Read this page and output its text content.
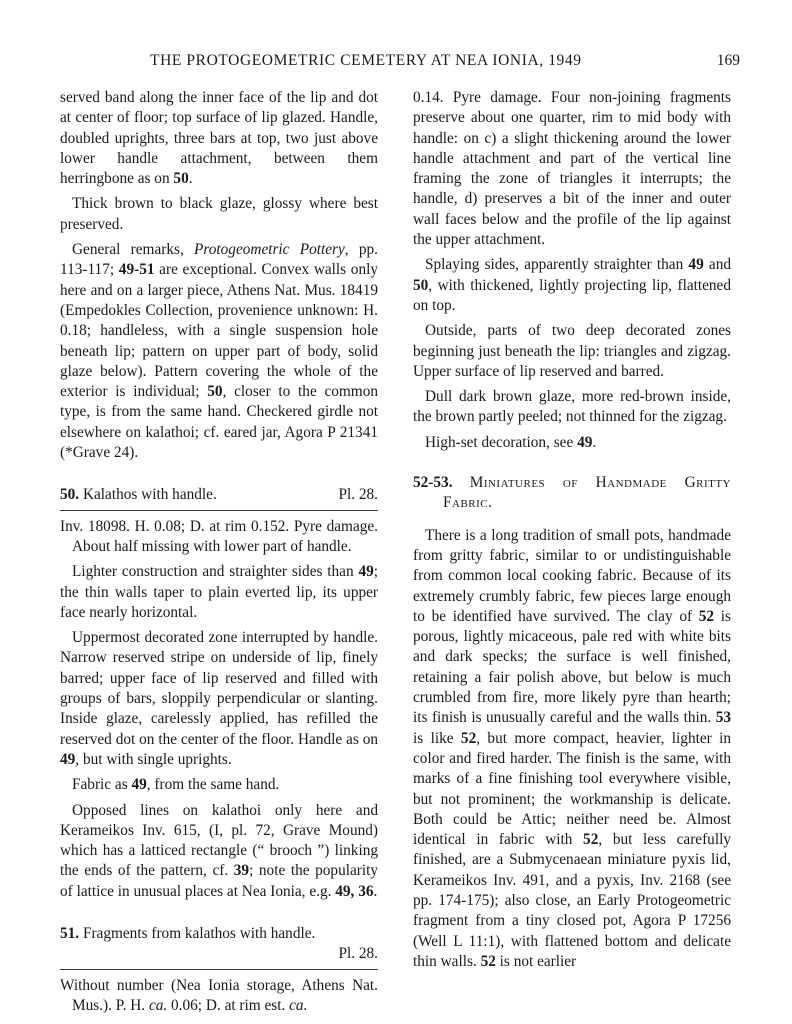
THE PROTOGEOMETRIC CEMETERY AT NEA IONIA, 1949	169

served band along the inner face of the lip and dot at center of floor; top surface of lip glazed. Handle, doubled uprights, three bars at top, two just above lower handle attachment, between them herringbone as on 50.

Thick brown to black glaze, glossy where best preserved.

General remarks, Protogeometric Pottery, pp. 113-117; 49-51 are exceptional. Convex walls only here and on a larger piece, Athens Nat. Mus. 18419 (Empedokles Collection, provenience unknown: H. 0.18; handleless, with a single suspension hole beneath lip; pattern on upper part of body, solid glaze below). Pattern covering the whole of the exterior is individual; 50, closer to the common type, is from the same hand. Checkered girdle not elsewhere on kalathoi; cf. eared jar, Agora P 21341 (*Grave 24).

50. Kalathos with handle.	Pl. 28.

Inv. 18098. H. 0.08; D. at rim 0.152. Pyre damage. About half missing with lower part of handle.

Lighter construction and straighter sides than 49; the thin walls taper to plain everted lip, its upper face nearly horizontal.

Uppermost decorated zone interrupted by handle. Narrow reserved stripe on underside of lip, finely barred; upper face of lip reserved and filled with groups of bars, sloppily perpendicular or slanting. Inside glaze, carelessly applied, has refilled the reserved dot on the center of the floor. Handle as on 49, but with single uprights.

Fabric as 49, from the same hand.

Opposed lines on kalathoi only here and Kerameikos Inv. 615, (I, pl. 72, Grave Mound) which has a latticed rectangle (“ brooch ”) linking the ends of the pattern, cf. 39; note the popularity of lattice in unusual places at Nea Ionia, e.g. 49, 36.

51. Fragments from kalathos with handle.

Pl. 28.

Without number (Nea Ionia storage, Athens Nat. Mus.). P. H. ca. 0.06; D. at rim est. ca.

0.14. Pyre damage. Four non-joining fragments preserve about one quarter, rim to mid body with handle: on c) a slight thickening around the lower handle attachment and part of the vertical line framing the zone of triangles it interrupts; the handle, d) preserves a bit of the inner and outer wall faces below and the profile of the lip against the upper attachment.

Splaying sides, apparently straighter than 49 and 50, with thickened, lightly projecting lip, flattened on top.

Outside, parts of two deep decorated zones beginning just beneath the lip: triangles and zigzag. Upper surface of lip reserved and barred.

Dull dark brown glaze, more red-brown inside, the brown partly peeled; not thinned for the zigzag.

High-set decoration, see 49.

52-53. Miniatures of Handmade Gritty Fabric.

There is a long tradition of small pots, handmade from gritty fabric, similar to or undistinguishable from common local cooking fabric. Because of its extremely crumbly fabric, few pieces large enough to be identified have survived. The clay of 52 is porous, lightly micaceous, pale red with white bits and dark specks; the surface is well finished, retaining a fair polish above, but below is much crumbled from fire, more likely pyre than hearth; its finish is unusually careful and the walls thin. 53 is like 52, but more compact, heavier, lighter in color and fired harder. The finish is the same, with marks of a fine finishing tool everywhere visible, but not prominent; the workmanship is delicate. Both could be Attic; neither need be. Almost identical in fabric with 52, but less carefully finished, are a Submycenaean miniature pyxis lid, Kerameikos Inv. 491, and a pyxis, Inv. 2168 (see pp. 174-175); also close, an Early Protogeometric fragment from a tiny closed pot, Agora P 17256 (Well L 11:1), with flattened bottom and delicate thin walls. 52 is not earlier
